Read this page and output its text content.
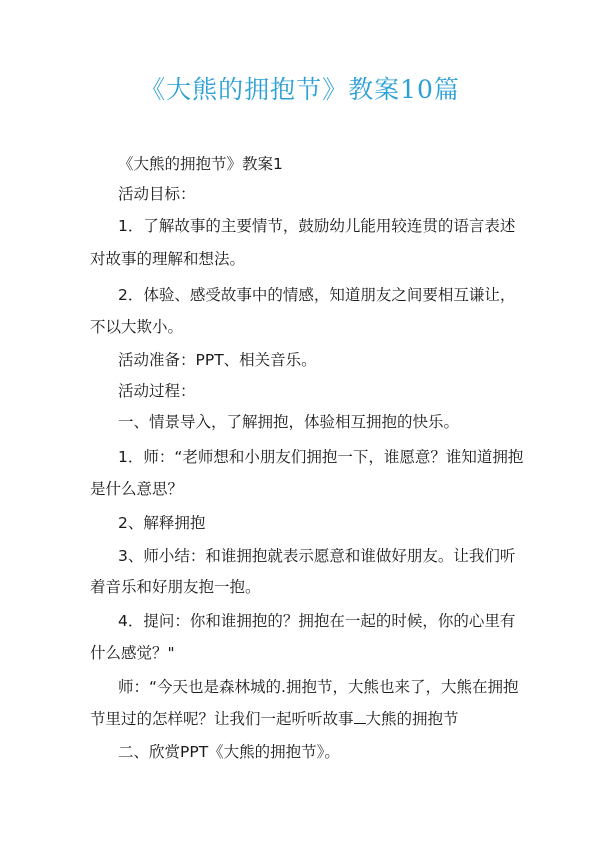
《大熊的拥抱节》教案10篇

《大熊的拥抱节》教案1

活动目标：

1．了解故事的主要情节，鼓励幼儿能用较连贯的语言表述

对故事的理解和想法。

2．体验、感受故事中的情感，知道朋友之间要相互谦让，

不以大欺小。

活动准备：PPT、相关音乐。

活动过程：

一、情景导入，了解拥抱，体验相互拥抱的快乐。

1．师：“老师想和小朋友们拥抱一下，谁愿意？谁知道拥抱

是什么意思？

2、解释拥抱

3、师小结：和谁拥抱就表示愿意和谁做好朋友。让我们听

着音乐和好朋友抱一抱。

4．提问：你和谁拥抱的？拥抱在一起的时候，你的心里有

什么感觉？"

师：“今天也是森林城的.拥抱节，大熊也来了，大熊在拥抱

节里过的怎样呢？让我们一起听听故事 大熊的拥抱节

二、欣赏PPT《大熊的拥抱节》。
